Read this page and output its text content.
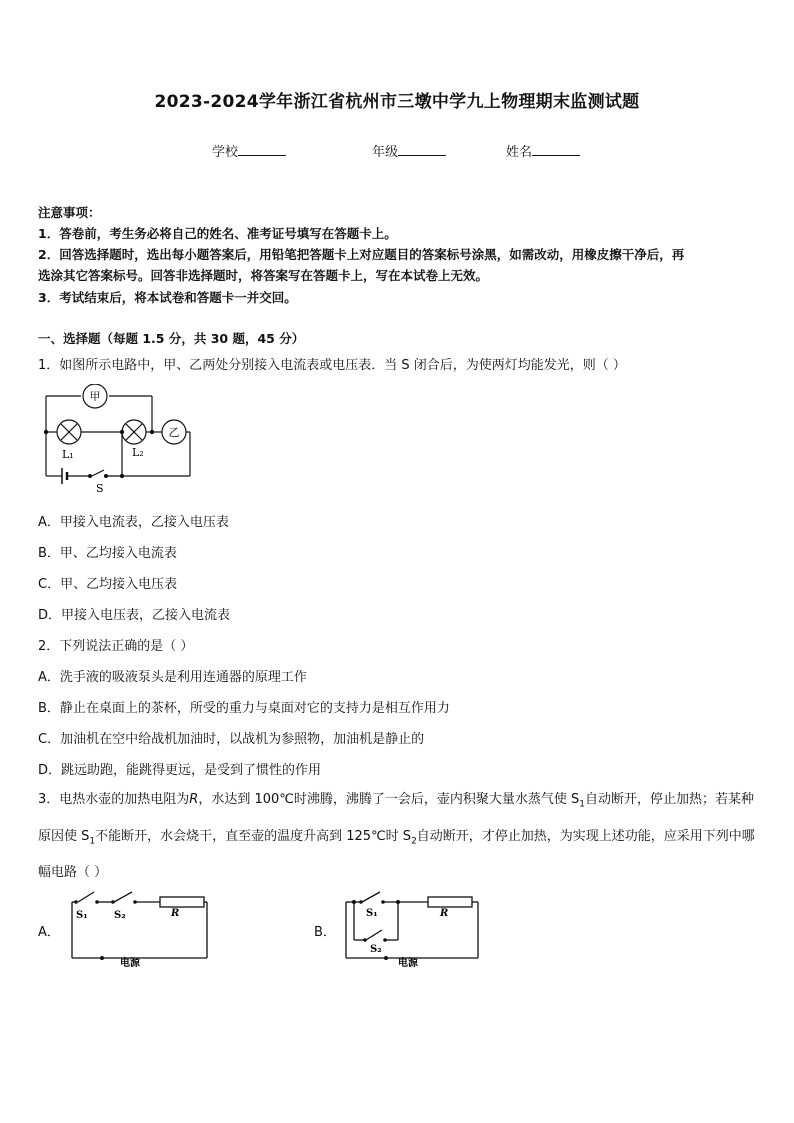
2023-2024学年浙江省杭州市三墩中学九上物理期末监测试题
学校	年级	姓名
注意事项：
1．答卷前，考生务必将自己的姓名、准考证号填写在答题卡上。
2．回答选择题时，选出每小题答案后，用铅笔把答题卡上对应题目的答案标号涂黑，如需改动，用橡皮擦干净后，再
选涂其它答案标号。回答非选择题时，将答案写在答题卡上，写在本试卷上无效。
3．考试结束后，将本试卷和答题卡一并交回。
一、选择题（每题 1.5 分，共 30 题，45 分）
1．如图所示电路中，甲、乙两处分别接入电流表或电压表．当 S 闭合后，为使两灯均能发光，则（ ）
甲
乙
L₁	L₂
S
A．甲接入电流表，乙接入电压表
B．甲、乙均接入电流表
C．甲、乙均接入电压表
D．甲接入电压表，乙接入电流表
2．下列说法正确的是（ ）
A．洗手液的吸液泵头是利用连通器的原理工作
B．静止在桌面上的茶杯，所受的重力与桌面对它的支持力是相互作用力
C．加油机在空中给战机加油时，以战机为参照物，加油机是静止的
D．跳远助跑，能跳得更远，是受到了惯性的作用
3．电热水壶的加热电阻为R，水达到 100℃时沸腾，沸腾了一会后，壶内积聚大量水蒸气使 $S_1$自动断开，停止加热；若某种原因使 $S_1$不能断开，水会烧干，直至壶的温度升高到 125℃时 $S_2$自动断开，才停止加热，为实现上述功能，应采用下列中哪幅电路（ ）
A．
S₁	S₂	R
电源
B．
S₁
S₂
R
电源
